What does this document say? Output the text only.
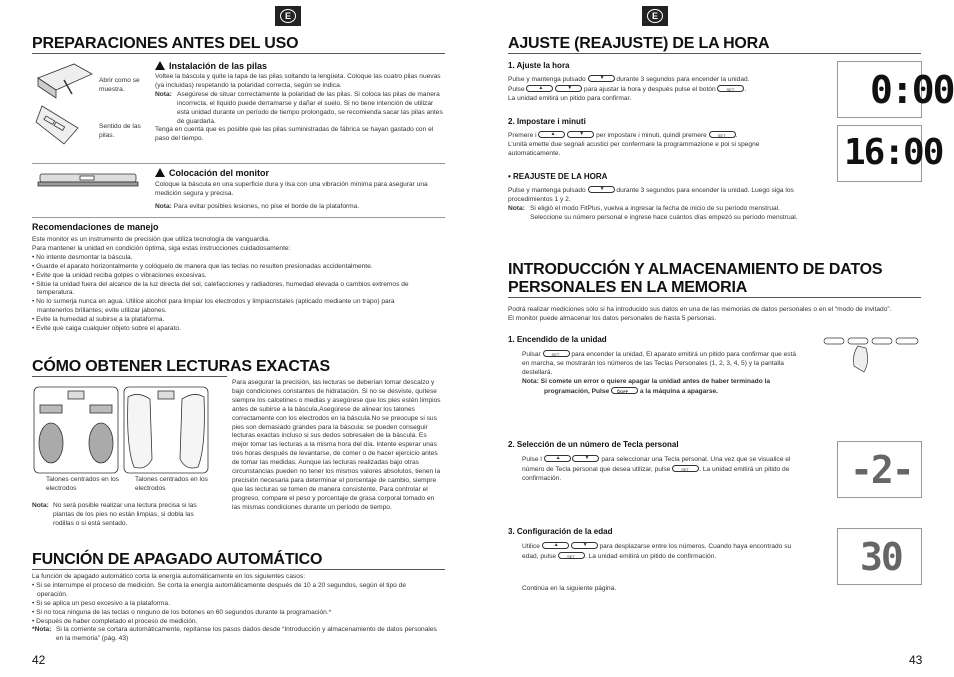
E
PREPARACIONES ANTES DEL USO
Abrir como se muestra.
Sentido de las pilas.
Instalación de las pilas
Voltee la báscula y quite la tapa de las pilas soltando la lengüeta. Coloque las cuatro pilas nuevas (ya incluidas) respetando la polaridad correcta, según se indica.
Nota: Asegúrese de situar correctamente la polaridad de las pilas. Si coloca las pilas de manera incorrecta, el líquido puede derramarse y dañar el suelo. Si no tiene intención de utilizar esta unidad durante un período de tiempo prolongado, se recomienda sacar las pilas antes de guardarla.
Tenga en cuenta que es posible que las pilas suministradas de fábrica se hayan gastado con el paso del tiempo.
Colocación del monitor
Coloque la báscula en una superficie dura y lisa con una vibración mínima para asegurar una medición segura y precisa.
Nota: Para evitar posibles lesiones, no pise el borde de la plataforma.
Recomendaciones de manejo
Este monitor es un instrumento de precisión que utiliza tecnología de vanguardia.
Para mantener la unidad en condición óptima, siga estas instrucciones cuidadosamente:
• No intente desmontar la báscula.
• Guarde el aparato horizontalmente y colóquelo de manera que las teclas no resulten presionadas accidentalmente.
• Evite que la unidad reciba golpes o vibraciones excesivas.
• Sitúe la unidad fuera del alcance de la luz directa del sol, calefacciones y radiadores, humedad elevada o cambios extremos de
temperatura.
• No lo sumerja nunca en agua. Utilice alcohol para limpiar los electrodos y limpiacristales (aplicado mediante un trapo) para
mantenerlos brillantes; evite utilizar jabones.
• Evite la humedad al subirse a la plataforma.
• Evite que caiga cualquier objeto sobre el aparato.
CÓMO OBTENER LECTURAS EXACTAS
Talones centrados en los electrodos
Talones centrados en los electrodos
Nota: No será posible realizar una lectura precisa si las plantas de los pies no están limpias, si dobla las rodillas o si está sentado.
Para asegurar la precisión, las lecturas se deberían tomar descalzo y bajo condiciones constantes de hidratación. Si no se desviste, quítese siempre los calcetines o medias y asegúrese que los pies estén limpios antes de subirse a la báscula.Asegúrese de alinear los talones correctamente con los electrodos en la báscula.No se preocupe si sus pies son demasiado grandes para la báscula: se pueden conseguir lecturas exactas incluso si sus dedos sobresalen de la báscula. Es mejor tomar las lecturas a la misma hora del día. Intente esperar unas tres horas después de levantarse, de comer o de hacer ejercicio antes de tomar las medidas. Aunque las lecturas realizadas bajo otras circunstancias pueden no tener los mismos valores absolutos, tienen la precisión necesaria para determinar el porcentaje de cambio, siempre que las lecturas se tomen de manera consistente. Para controlar el progreso, compare el peso y porcentaje de grasa corporal tomado en las mismas condiciones durante un período de tiempo.
FUNCIÓN DE APAGADO AUTOMÁTICO
La función de apagado automático corta la energía automáticamente en los siguientes casos:
• Si se interrumpe el proceso de medición. Se corta la energía automáticamente después de 10 a 20 segundos, según el tipo de
operación.
• Si se aplica un peso excesivo a la plataforma.
• Si no toca ninguna de las teclas o ninguno de los botones en 60 segundos durante la programación.*
• Después de haber completado el proceso de medición.
*Nota: Si la corriente se cortara automáticamente, repítanse los pasos dados desde “Introducción y almacenamiento de datos personales en la memoria” (pág. 43)
42
E
AJUSTE (REAJUSTE) DE LA HORA
1. Ajuste la hora
Pulse y mantenga pulsado ▼	durante 3 segundos para encender la unidad.
Pulse ▲ ▼	para ajustar la hora y después pulse el botón SET	.
La unidad emitirá un pitido para confirmar.
2. Impostare i minuti
Premere i ▲ ▼	per impostare i minuti, quindi premere SET	.
L’unità emette due segnali acustici per confermare la programmazione e poi si spegne automaticamente.
• REAJUSTE DE LA HORA
Pulse y mantenga pulsado ▼	durante 3 segundos para encender la unidad. Luego siga los procedimientos 1 y 2.
Nota: Si eligió el modo FitPlus, vuelva a ingresar la fecha de inicio de su período menstrual.
Seleccione su número personal e ingrese hace cuántos días empezó su período menstrual.
0:00
16:00
INTRODUCCIÓN Y ALMACENAMIENTO DE DATOS
PERSONALES EN LA MEMORIA
Podrá realizar mediciones sólo si ha introducido sus datos en una de las memorias de datos personales o en el “modo de invitado”.
El monitor puede almacenar los datos personales de hasta 5 personas.
1. Encendido de la unidad
Pulsar SET	para encender la unidad. El aparato emitirá un pitido para confirmar que está
en marcha, se mostrarán los números de las Teclas Personales (1, 2, 3, 4, 5) y la pantalla
destellará.
Nota: Si comete un error o quiere apagar la unidad antes de haber terminado la
programación, Pulse ⏻OFF	a la máquina a apagarse.
2. Selección de un número de Tecla personal
Pulse l ▲ ▼	para seleccionar una Tecla personal. Una vez que se visualice el
número de Tecla personal que desea utilizar, pulse SET	. La unidad emitirá un pitido de
confirmación.	-2-
3. Configuración de la edad
Utilice ▲ ▼	para desplazarse entre los números. Cuando haya encontrado su
edad, pulse SET	. La unidad emitirá un pitido de confirmación.
Continúa en la siguiente página.
30
43
